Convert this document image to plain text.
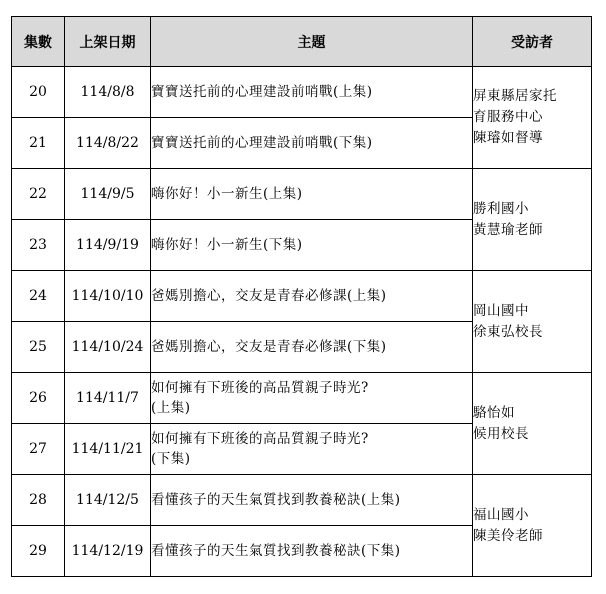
集數	上架日期	主題	受訪者
20	114/8/8	寶寶送托前的心理建設前哨戰(上集)	屏東縣居家托
育服務中心
陳璿如督導

21	114/8/22	寶寶送托前的心理建設前哨戰(下集)	

22	114/9/5	嗨你好！小一新生(上集)	勝利國小
黃慧瑜老師

23	114/9/19	嗨你好！小一新生(下集)	

24	114/10/10	爸媽別擔心，交友是青春必修課(上集)	岡山國中
徐東弘校長

25	114/10/24	爸媽別擔心，交友是青春必修課(下集)	

26	114/11/7	如何擁有下班後的高品質親子時光?
(上集)	駱怡如
候用校長

27	114/11/21	如何擁有下班後的高品質親子時光?
(下集)	

28	114/12/5	看懂孩子的天生氣質找到教養秘訣(上集)	福山國小
陳美伶老師

29	114/12/19	看懂孩子的天生氣質找到教養秘訣(下集)	
